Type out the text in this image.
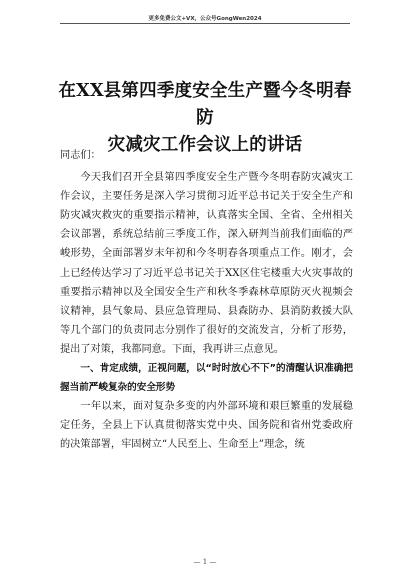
更多免费公文+VX，公众号GongWen2024
在XX县第四季度安全生产暨今冬明春防
灾减灾工作会议上的讲话

同志们：

今天我们召开全县第四季度安全生产暨今冬明春防灾减灾工作会议，主要任务是深入学习贯彻习近平总书记关于安全生产和防灾减灾救灾的重要指示精神，认真落实全国、全省、全州相关会议部署，系统总结前三季度工作，深入研判当前我们面临的严峻形势，全面部署岁末年初和今冬明春各项重点工作。刚才，会上已经传达学习了习近平总书记关于XX区住宅楼重大火灾事故的重要指示精神以及全国安全生产和秋冬季森林草原防灭火视频会议精神，县气象局、县应急管理局、县森防办、县消防救援大队等几个部门的负责同志分别作了很好的交流发言，分析了形势，提出了对策，我都同意。下面，我再讲三点意见。

一、肯定成绩，正视问题，以“时时放心不下”的清醒认识准确把握当前严峻复杂的安全形势

一年以来，面对复杂多变的内外部环境和艰巨繁重的发展稳定任务，全县上下认真贯彻落实党中央、国务院和省州党委政府的决策部署，牢固树立“人民至上、生命至上”理念，统

— 1 —
